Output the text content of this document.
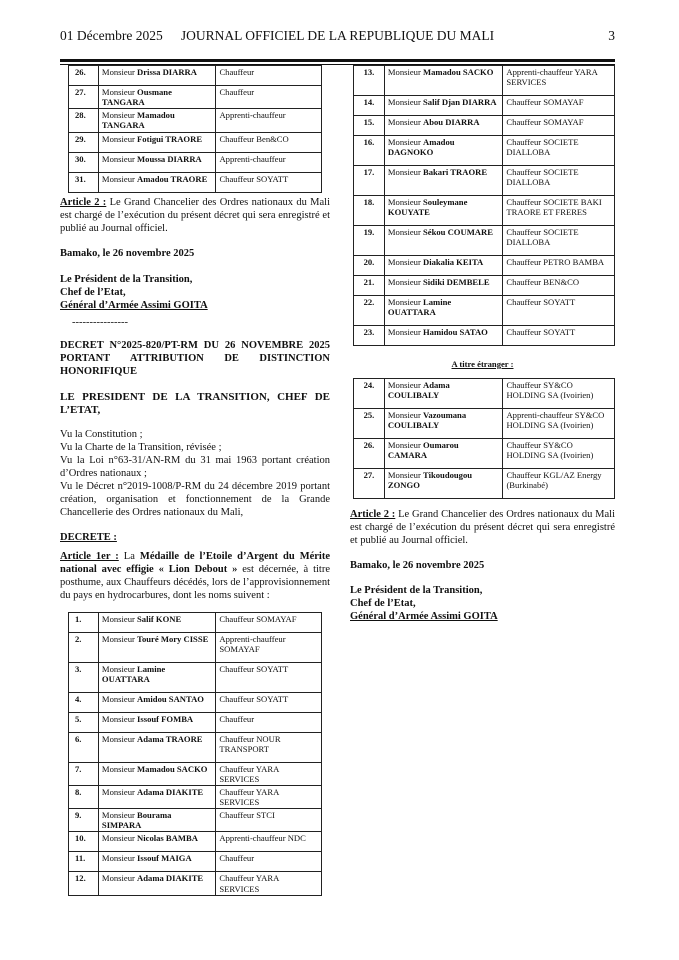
01 Décembre 2025	JOURNAL OFFICIEL DE LA REPUBLIQUE DU MALI	3
26.	Monsieur Drissa DIARRA	Chauffeur
27.	Monsieur Ousmane TANGARA	Chauffeur
28.	Monsieur Mamadou TANGARA	Apprenti-chauffeur
29.	Monsieur Fotigui TRAORE	Chauffeur Ben&CO
30.	Monsieur Moussa DIARRA	Apprenti-chauffeur
31.	Monsieur Amadou TRAORE	Chauffeur SOYATT

Article 2 : Le Grand Chancelier des Ordres nationaux du Mali est chargé de l’exécution du présent décret qui sera enregistré et publié au Journal officiel.

Bamako, le 26 novembre 2025

Le Président de la Transition,

Chef de l’Etat,

Général d’Armée Assimi GOITA

----------------

DECRET N°2025-820/PT-RM DU 26 NOVEMBRE 2025 PORTANT ATTRIBUTION DE DISTINCTION HONORIFIQUE

LE PRESIDENT DE LA TRANSITION, CHEF DE L’ETAT,

Vu la Constitution ;

Vu la Charte de la Transition, révisée ;

Vu la Loi n°63-31/AN-RM du 31 mai 1963 portant création d’Ordres nationaux ;

Vu le Décret n°2019-1008/P-RM du 24 décembre 2019 portant création, organisation et fonctionnement de la Grande Chancellerie des Ordres nationaux du Mali,

DECRETE :

Article 1er : La Médaille de l’Etoile d’Argent du Mérite national avec effigie « Lion Debout » est décernée, à titre posthume, aux Chauffeurs décédés, lors de l’approvisionnement du pays en hydrocarbures, dont les noms suivent :

1.	Monsieur Salif KONE	Chauffeur SOMAYAF
2.	Monsieur Touré Mory CISSE	Apprenti-chauffeur SOMAYAF
3.	Monsieur Lamine OUATTARA	Chauffeur SOYATT
4.	Monsieur Amidou SANTAO	Chauffeur SOYATT
5.	Monsieur Issouf FOMBA	Chauffeur
6.	Monsieur Adama TRAORE	Chauffeur NOUR TRANSPORT
7.	Monsieur Mamadou SACKO	Chauffeur YARA SERVICES
8.	Monsieur Adama DIAKITE	Chauffeur YARA SERVICES
9.	Monsieur Bourama SIMPARA	Chauffeur STCI
10.	Monsieur Nicolas BAMBA	Apprenti-chauffeur NDC
11.	Monsieur Issouf MAIGA	Chauffeur
12.	Monsieur Adama DIAKITE	Chauffeur YARA SERVICES
13.	Monsieur Mamadou SACKO	Apprenti-chauffeur YARA SERVICES
14.	Monsieur Salif Djan DIARRA	Chauffeur SOMAYAF
15.	Monsieur Abou DIARRA	Chauffeur SOMAYAF
16.	Monsieur Amadou DAGNOKO	Chauffeur SOCIETE DIALLOBA
17.	Monsieur Bakari TRAORE	Chauffeur SOCIETE DIALLOBA
18.	Monsieur Souleymane KOUYATE	Chauffeur SOCIETE BAKI TRAORE ET FRERES
19.	Monsieur Sékou COUMARE	Chauffeur SOCIETE DIALLOBA
20.	Monsieur Diakalia KEITA	Chauffeur PETRO BAMBA
21.	Monsieur Sidiki DEMBELE	Chauffeur BEN&CO
22.	Monsieur Lamine OUATTARA	Chauffeur SOYATT
23.	Monsieur Hamidou SATAO	Chauffeur SOYATT

A titre étranger :

24.	Monsieur Adama COULIBALY	Chauffeur SY&CO HOLDING SA (Ivoirien)
25.	Monsieur Vazoumana COULIBALY	Apprenti-chauffeur SY&CO HOLDING SA (Ivoirien)
26.	Monsieur Oumarou CAMARA	Chauffeur SY&CO HOLDING SA (Ivoirien)
27.	Monsieur Tikoudougou ZONGO	Chauffeur KGL/AZ Energy (Burkinabé)

Article 2 : Le Grand Chancelier des Ordres nationaux du Mali est chargé de l’exécution du présent décret qui sera enregistré et publié au Journal officiel.

Bamako, le 26 novembre 2025

Le Président de la Transition,

Chef de l’Etat,

Général d’Armée Assimi GOITA
